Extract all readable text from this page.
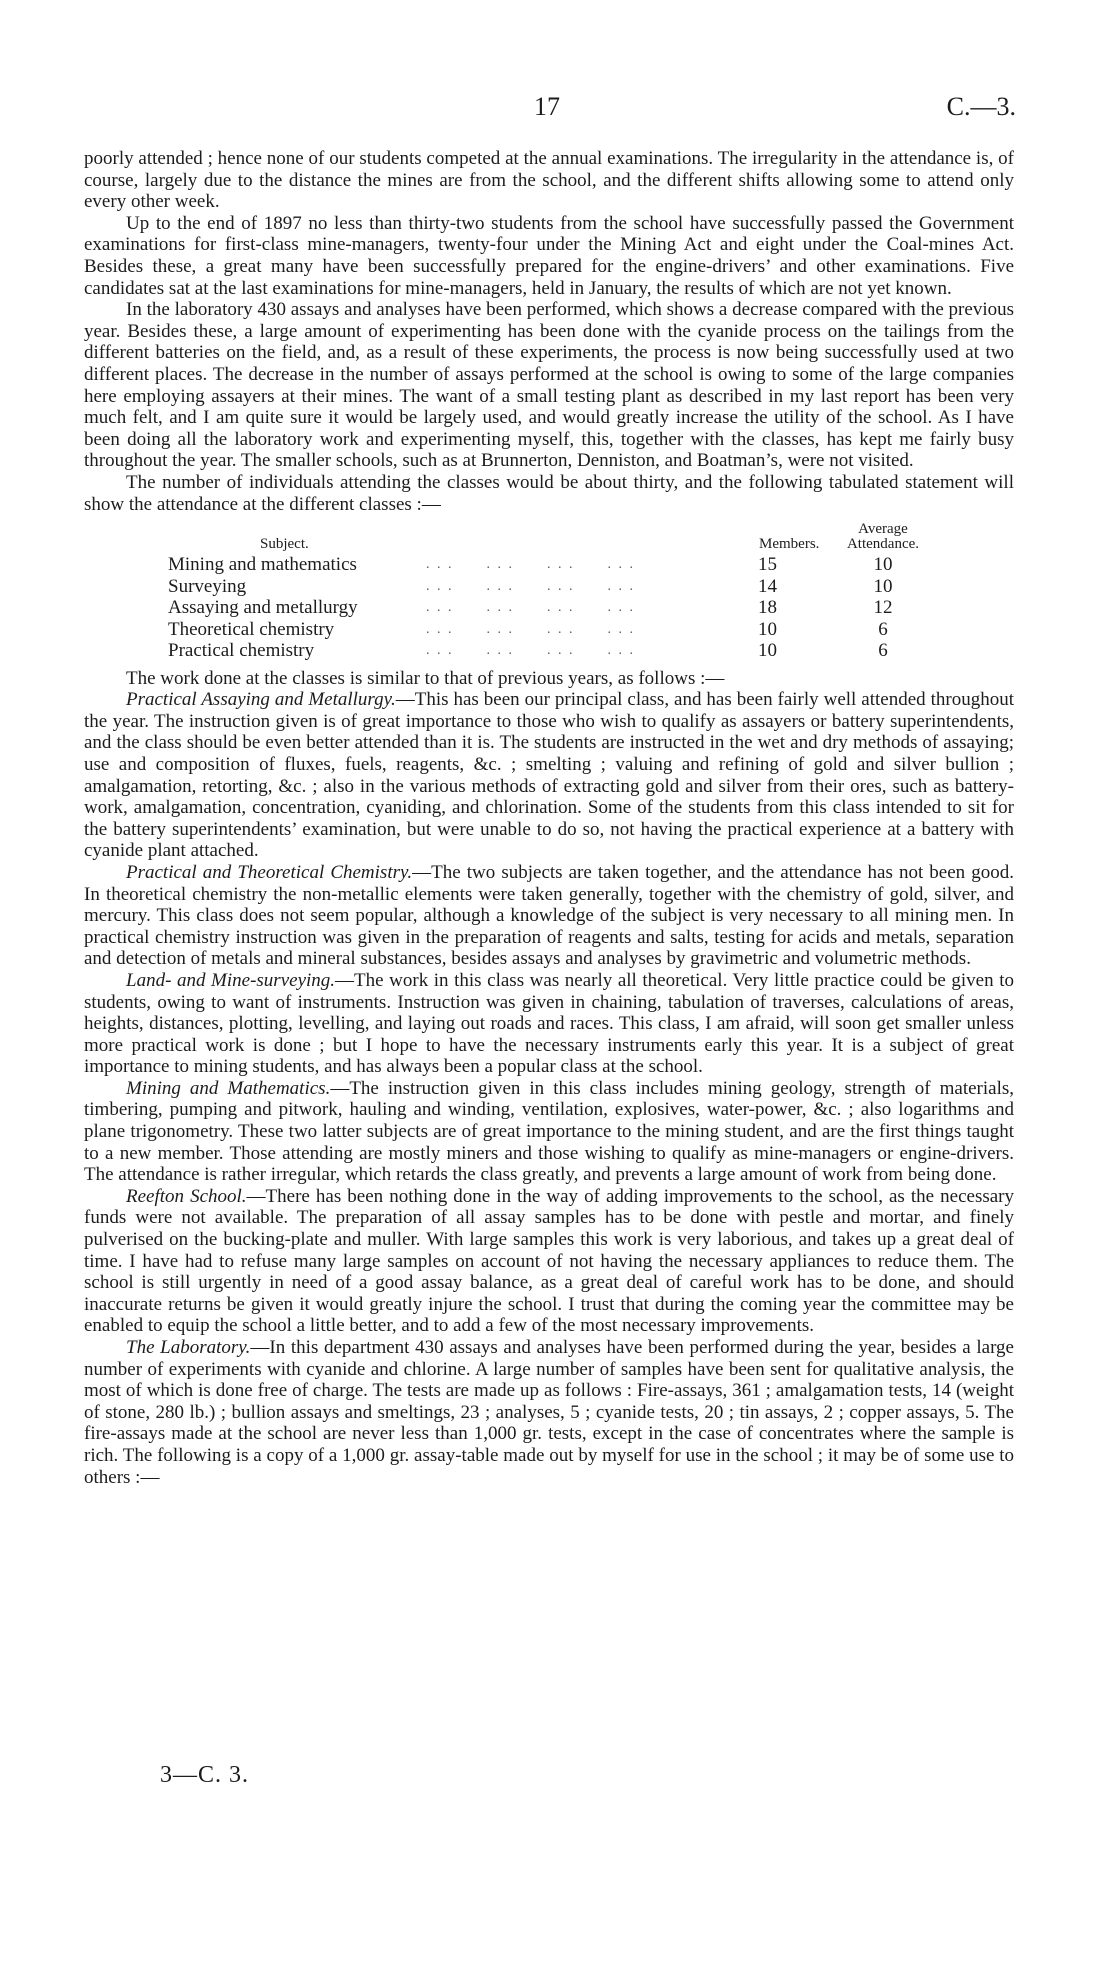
17	C.—3.

poorly attended ; hence none of our students competed at the annual examinations. The irregularity in the attendance is, of course, largely due to the distance the mines are from the school, and the different shifts allowing some to attend only every other week.

Up to the end of 1897 no less than thirty-two students from the school have successfully passed the Government examinations for first-class mine-managers, twenty-four under the Mining Act and eight under the Coal-mines Act. Besides these, a great many have been successfully prepared for the engine-drivers’ and other examinations. Five candidates sat at the last examinations for mine-managers, held in January, the results of which are not yet known.

In the laboratory 430 assays and analyses have been performed, which shows a decrease compared with the previous year. Besides these, a large amount of experimenting has been done with the cyanide process on the tailings from the different batteries on the field, and, as a result of these experiments, the process is now being successfully used at two different places. The decrease in the number of assays performed at the school is owing to some of the large companies here employing assayers at their mines. The want of a small testing plant as described in my last report has been very much felt, and I am quite sure it would be largely used, and would greatly increase the utility of the school. As I have been doing all the laboratory work and experimenting myself, this, together with the classes, has kept me fairly busy throughout the year. The smaller schools, such as at Brunnerton, Denniston, and Boatman’s, were not visited.

The number of individuals attending the classes would be about thirty, and the following tabulated statement will show the attendance at the different classes :—

Subject.		Members.	Average Attendance.
Mining and mathematics	. . .      . . .      . . .      . . .	15	10
Surveying	. . .      . . .      . . .      . . .	14	10
Assaying and metallurgy	. . .      . . .      . . .      . . .	18	12
Theoretical chemistry	. . .      . . .      . . .      . . .	10	6
Practical chemistry	. . .      . . .      . . .      . . .	10	6

The work done at the classes is similar to that of previous years, as follows :—

Practical Assaying and Metallurgy.—This has been our principal class, and has been fairly well attended throughout the year. The instruction given is of great importance to those who wish to qualify as assayers or battery superintendents, and the class should be even better attended than it is. The students are instructed in the wet and dry methods of assaying; use and composition of fluxes, fuels, reagents, &c. ; smelting ; valuing and refining of gold and silver bullion ; amalgamation, retorting, &c. ; also in the various methods of extracting gold and silver from their ores, such as battery-work, amalgamation, concentration, cyaniding, and chlorination. Some of the students from this class intended to sit for the battery superintendents’ examination, but were unable to do so, not having the practical experience at a battery with cyanide plant attached.

Practical and Theoretical Chemistry.—The two subjects are taken together, and the attendance has not been good. In theoretical chemistry the non-metallic elements were taken generally, together with the chemistry of gold, silver, and mercury. This class does not seem popular, although a knowledge of the subject is very necessary to all mining men. In practical chemistry instruction was given in the preparation of reagents and salts, testing for acids and metals, separation and detection of metals and mineral substances, besides assays and analyses by gravimetric and volumetric methods.

Land- and Mine-surveying.—The work in this class was nearly all theoretical. Very little practice could be given to students, owing to want of instruments. Instruction was given in chaining, tabulation of traverses, calculations of areas, heights, distances, plotting, levelling, and laying out roads and races. This class, I am afraid, will soon get smaller unless more practical work is done ; but I hope to have the necessary instruments early this year. It is a subject of great importance to mining students, and has always been a popular class at the school.

Mining and Mathematics.—The instruction given in this class includes mining geology, strength of materials, timbering, pumping and pitwork, hauling and winding, ventilation, explosives, water-power, &c. ; also logarithms and plane trigonometry. These two latter subjects are of great importance to the mining student, and are the first things taught to a new member. Those attending are mostly miners and those wishing to qualify as mine-managers or engine-drivers. The attendance is rather irregular, which retards the class greatly, and prevents a large amount of work from being done.

Reefton School.—There has been nothing done in the way of adding improvements to the school, as the necessary funds were not available. The preparation of all assay samples has to be done with pestle and mortar, and finely pulverised on the bucking-plate and muller. With large samples this work is very laborious, and takes up a great deal of time. I have had to refuse many large samples on account of not having the necessary appliances to reduce them. The school is still urgently in need of a good assay balance, as a great deal of careful work has to be done, and should inaccurate returns be given it would greatly injure the school. I trust that during the coming year the committee may be enabled to equip the school a little better, and to add a few of the most necessary improvements.

The Laboratory.—In this department 430 assays and analyses have been performed during the year, besides a large number of experiments with cyanide and chlorine. A large number of samples have been sent for qualitative analysis, the most of which is done free of charge. The tests are made up as follows : Fire-assays, 361 ; amalgamation tests, 14 (weight of stone, 280 lb.) ; bullion assays and smeltings, 23 ; analyses, 5 ; cyanide tests, 20 ; tin assays, 2 ; copper assays, 5. The fire-assays made at the school are never less than 1,000 gr. tests, except in the case of concentrates where the sample is rich. The following is a copy of a 1,000 gr. assay-table made out by myself for use in the school ; it may be of some use to others :—

3—C. 3.
